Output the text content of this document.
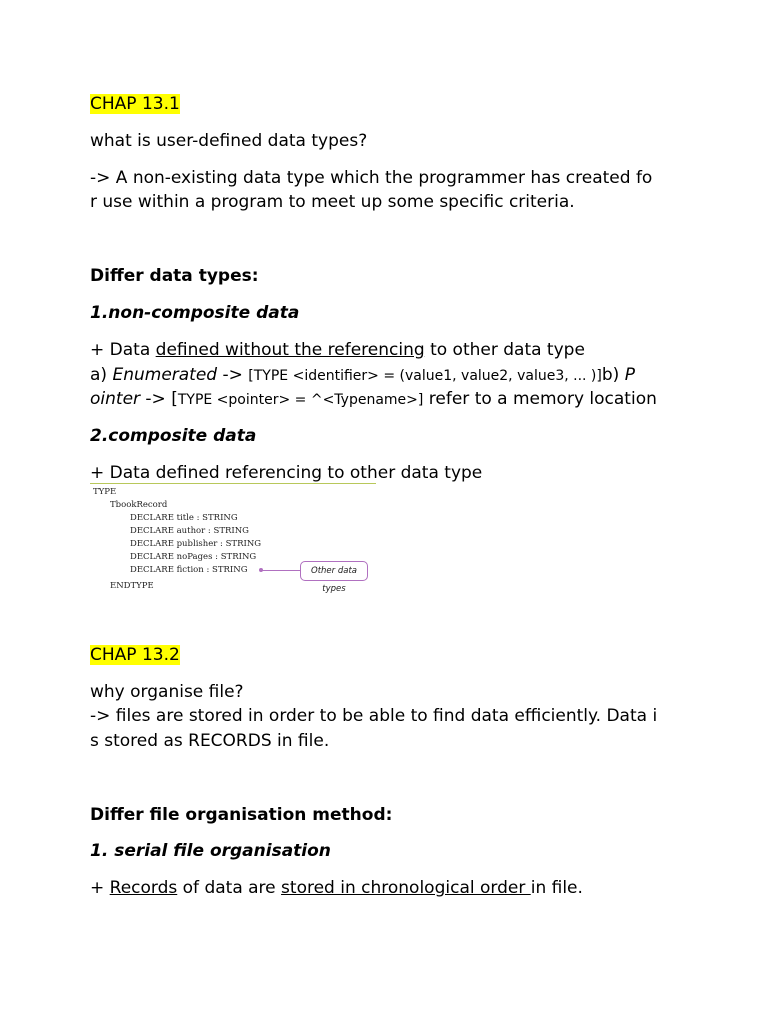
CHAP 13.1
what is user-defined data types?
-> A non-existing data type which the programmer has created fo
r use within a program to meet up some specific criteria.
Differ data types:
1.non-composite data
+ Data defined without the referencing to other data type
a) Enumerated -> [TYPE <identifier> = (value1, value2, value3, ... )]b) P
ointer -> [TYPE <pointer> = ^<Typename>] refer to a memory location
2.composite data
+ Data defined referencing to other data type
TYPE
TbookRecord
DECLARE title : STRING
DECLARE author : STRING
DECLARE publisher : STRING
DECLARE noPages : STRING
DECLARE fiction : STRING
ENDTYPE
Other data types
CHAP 13.2
why organise file?
-> files are stored in order to be able to find data efficiently. Data i
s stored as RECORDS in file.
Differ file organisation method:
1. serial file organisation
+ Records of data are stored in chronological order in file.
